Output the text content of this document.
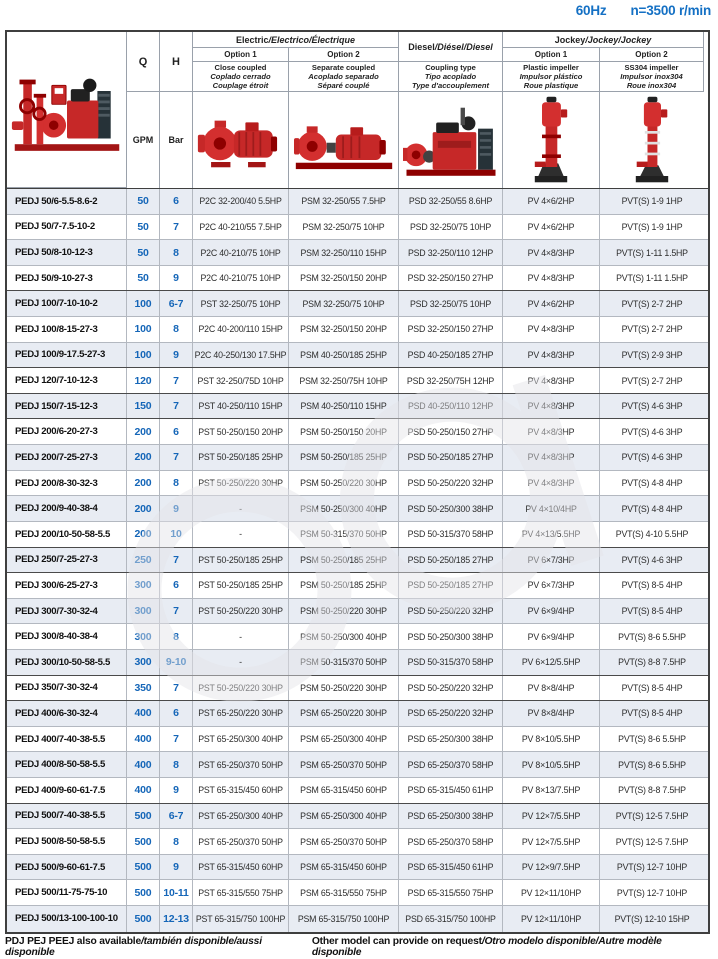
60Hz n=3500 r/min
Q H
Electric /Electrico/Électrique
Diesel /Diésel/Diesel
Jockey /Jockey/Jockey
Option 1	Option 2	Option 1	Option 2
Close coupled
Coplado cerrado
Couplage étroit
Separate coupled
Acoplado separado
Séparé couplé
Coupling type
Tipo acoplado
Type d'accouplement
Plastic impeller
Impulsor plástico
Roue plastique
SS304 impeller
Impulsor inox304
Roue inox304
GPM Bar
PEDJ 50/6-5.5-8.6-2	50	6	P2C 32-200/40 5.5HP	PSM 32-250/55 7.5HP	PSD 32-250/55 8.6HP	PV 4×6/2HP	PVT(S) 1-9 1HP
PEDJ 50/7-7.5-10-2	50	7	P2C 40-210/55 7.5HP	PSM 32-250/75 10HP	PSD 32-250/75 10HP	PV 4×6/2HP	PVT(S) 1-9 1HP
PEDJ 50/8-10-12-3	50	8	P2C 40-210/75 10HP	PSM 32-250/110 15HP	PSD 32-250/110 12HP	PV 4×8/3HP	PVT(S) 1-11 1.5HP
PEDJ 50/9-10-27-3	50	9	P2C 40-210/75 10HP	PSM 32-250/150 20HP	PSD 32-250/150 27HP	PV 4×8/3HP	PVT(S) 1-11 1.5HP
PEDJ 100/7-10-10-2	100	6-7	PST 32-250/75 10HP	PSM 32-250/75 10HP	PSD 32-250/75 10HP	PV 4×6/2HP	PVT(S) 2-7 2HP
PEDJ 100/8-15-27-3	100	8	P2C 40-200/110 15HP	PSM 32-250/150 20HP	PSD 32-250/150 27HP	PV 4×8/3HP	PVT(S) 2-7 2HP
PEDJ 100/9-17.5-27-3	100	9	P2C 40-250/130 17.5HP	PSM 40-250/185 25HP	PSD 40-250/185 27HP	PV 4×8/3HP	PVT(S) 2-9 3HP
PEDJ 120/7-10-12-3	120	7	PST 32-250/75D 10HP	PSM 32-250/75H 10HP	PSD 32-250/75H 12HP	PV 4×8/3HP	PVT(S) 2-7 2HP
PEDJ 150/7-15-12-3	150	7	PST 40-250/110 15HP	PSM 40-250/110 15HP	PSD 40-250/110 12HP	PV 4×8/3HP	PVT(S) 4-6 3HP
PEDJ 200/6-20-27-3	200	6	PST 50-250/150 20HP	PSM 50-250/150 20HP	PSD 50-250/150 27HP	PV 4×8/3HP	PVT(S) 4-6 3HP
PEDJ 200/7-25-27-3	200	7	PST 50-250/185 25HP	PSM 50-250/185 25HP	PSD 50-250/185 27HP	PV 4×8/3HP	PVT(S) 4-6 3HP
PEDJ 200/8-30-32-3	200	8	PST 50-250/220 30HP	PSM 50-250/220 30HP	PSD 50-250/220 32HP	PV 4×8/3HP	PVT(S) 4-8 4HP
PEDJ 200/9-40-38-4	200	9	-	PSM 50-250/300 40HP	PSD 50-250/300 38HP	PV 4×10/4HP	PVT(S) 4-8 4HP
PEDJ 200/10-50-58-5.5	200	10	-	PSM 50-315/370 50HP	PSD 50-315/370 58HP	PV 4×13/5.5HP	PVT(S) 4-10 5.5HP
PEDJ 250/7-25-27-3	250	7	PST 50-250/185 25HP	PSM 50-250/185 25HP	PSD 50-250/185 27HP	PV 6×7/3HP	PVT(S) 4-6 3HP
PEDJ 300/6-25-27-3	300	6	PST 50-250/185 25HP	PSM 50-250/185 25HP	PSD 50-250/185 27HP	PV 6×7/3HP	PVT(S) 8-5 4HP
PEDJ 300/7-30-32-4	300	7	PST 50-250/220 30HP	PSM 50-250/220 30HP	PSD 50-250/220 32HP	PV 6×9/4HP	PVT(S) 8-5 4HP
PEDJ 300/8-40-38-4	300	8	-	PSM 50-250/300 40HP	PSD 50-250/300 38HP	PV 6×9/4HP	PVT(S) 8-6 5.5HP
PEDJ 300/10-50-58-5.5	300	9-10	-	PSM 50-315/370 50HP	PSD 50-315/370 58HP	PV 6×12/5.5HP	PVT(S) 8-8 7.5HP
PEDJ 350/7-30-32-4	350	7	PST 50-250/220 30HP	PSM 50-250/220 30HP	PSD 50-250/220 32HP	PV 8×8/4HP	PVT(S) 8-5 4HP
PEDJ 400/6-30-32-4	400	6	PST 65-250/220 30HP	PSM 65-250/220 30HP	PSD 65-250/220 32HP	PV 8×8/4HP	PVT(S) 8-5 4HP
PEDJ 400/7-40-38-5.5	400	7	PST 65-250/300 40HP	PSM 65-250/300 40HP	PSD 65-250/300 38HP	PV 8×10/5.5HP	PVT(S) 8-6 5.5HP
PEDJ 400/8-50-58-5.5	400	8	PST 65-250/370 50HP	PSM 65-250/370 50HP	PSD 65-250/370 58HP	PV 8×10/5.5HP	PVT(S) 8-6 5.5HP
PEDJ 400/9-60-61-7.5	400	9	PST 65-315/450 60HP	PSM 65-315/450 60HP	PSD 65-315/450 61HP	PV 8×13/7.5HP	PVT(S) 8-8 7.5HP
PEDJ 500/7-40-38-5.5	500	6-7	PST 65-250/300 40HP	PSM 65-250/300 40HP	PSD 65-250/300 38HP	PV 12×7/5.5HP	PVT(S) 12-5 7.5HP
PEDJ 500/8-50-58-5.5	500	8	PST 65-250/370 50HP	PSM 65-250/370 50HP	PSD 65-250/370 58HP	PV 12×7/5.5HP	PVT(S) 12-5 7.5HP
PEDJ 500/9-60-61-7.5	500	9	PST 65-315/450 60HP	PSM 65-315/450 60HP	PSD 65-315/450 61HP	PV 12×9/7.5HP	PVT(S) 12-7 10HP
PEDJ 500/11-75-75-10	500	10-11	PST 65-315/550 75HP	PSM 65-315/550 75HP	PSD 65-315/550 75HP	PV 12×11/10HP	PVT(S) 12-7 10HP
PEDJ 500/13-100-100-10	500	12-13 PST 65-315/750 100HP	PSM 65-315/750 100HP	PSD 65-315/750 100HP	PV 12×11/10HP	PVT(S) 12-10 15HP
PDJ PEJ PEEJ also available/también disponible/aussi disponible
Other model can provide on request/Otro modelo disponible/Autre modèle disponible
